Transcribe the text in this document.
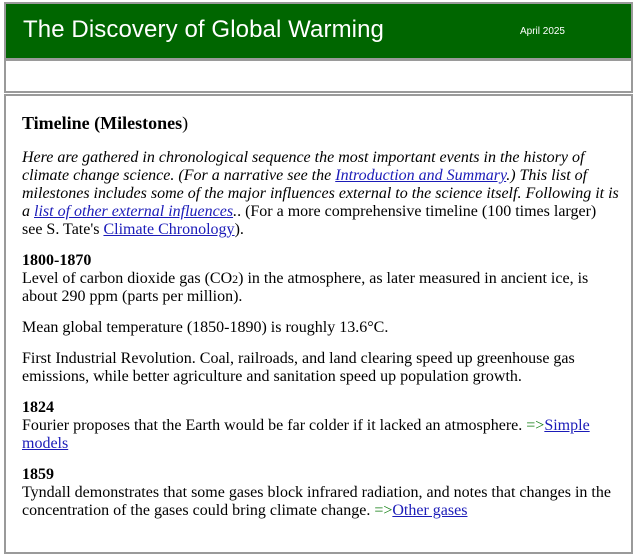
The Discovery of Global Warming	April 2025
Timeline (Milestones)

Here are gathered in chronological sequence the most important events in the history of climate change science. (For a narrative see the Introduction and Summary.) This list of milestones includes some of the major influences external to the science itself. Following it is a list of other external influences.. (For a more comprehensive timeline (100 times larger) see S. Tate's Climate Chronology).

1800-1870

Level of carbon dioxide gas (CO2) in the atmosphere, as later measured in ancient ice, is about 290 ppm (parts per million).

Mean global temperature (1850-1890) is roughly 13.6°C.

First Industrial Revolution. Coal, railroads, and land clearing speed up greenhouse gas emissions, while better agriculture and sanitation speed up population growth.

1824

Fourier proposes that the Earth would be far colder if it lacked an atmosphere. =>Simple models

1859

Tyndall demonstrates that some gases block infrared radiation, and notes that changes in the concentration of the gases could bring climate change. =>Other gases
